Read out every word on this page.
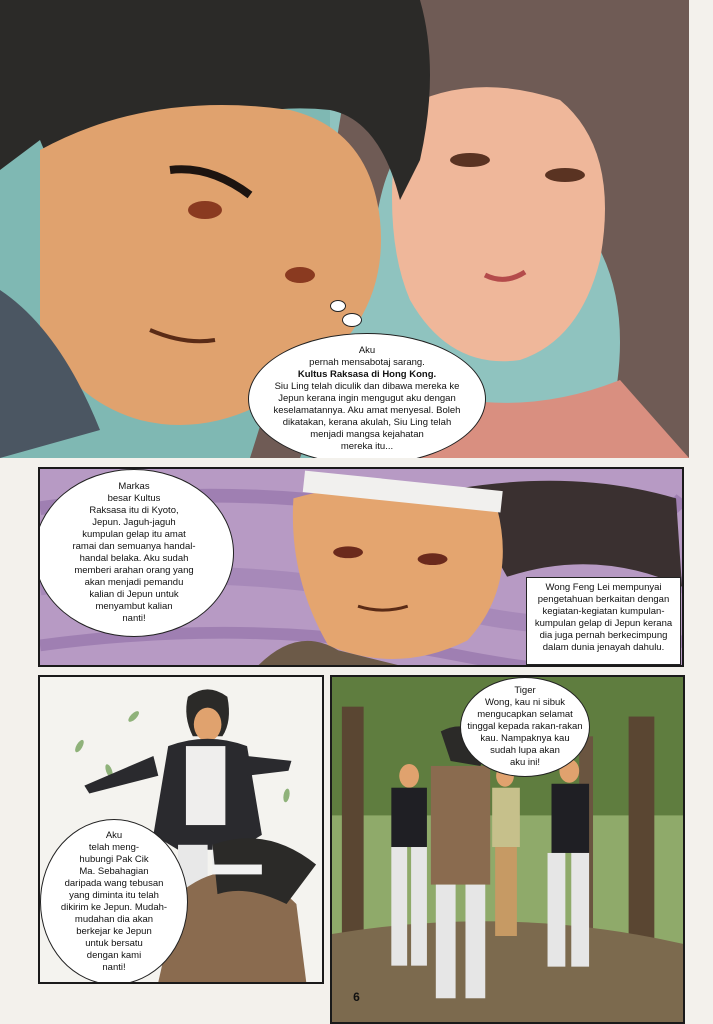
Aku
pernah mensabotaj sarang.
Kultus Raksasa di Hong Kong.
Siu Ling telah diculik dan dibawa mereka ke
Jepun kerana ingin mengugut aku dengan
keselamatannya. Aku amat menyesal. Boleh
dikatakan, kerana akulah, Siu Ling telah
menjadi mangsa kejahatan
mereka itu...
Markas
besar Kultus
Raksasa itu di Kyoto,
Jepun. Jaguh-jaguh
kumpulan gelap itu amat
ramai dan semuanya handal-
handal belaka. Aku sudah
memberi arahan orang yang
akan menjadi pemandu
kalian di Jepun untuk
menyambut kalian
nanti!
Wong Feng Lei mempunyai
pengetahuan berkaitan dengan
kegiatan-kegiatan kumpulan-
kumpulan gelap di Jepun kerana
dia juga pernah berkecimpung
dalam dunia jenayah dahulu.
Aku
telah meng-
hubungi Pak Cik
Ma. Sebahagian
daripada wang tebusan
yang diminta itu telah
dikirim ke Jepun. Mudah-
mudahan dia akan
berkejar ke Jepun
untuk bersatu
dengan kami
nanti!
Tiger
Wong, kau ni sibuk
mengucapkan selamat
tinggal kepada rakan-rakan
kau. Nampaknya kau
sudah lupa akan
aku ini!
6
